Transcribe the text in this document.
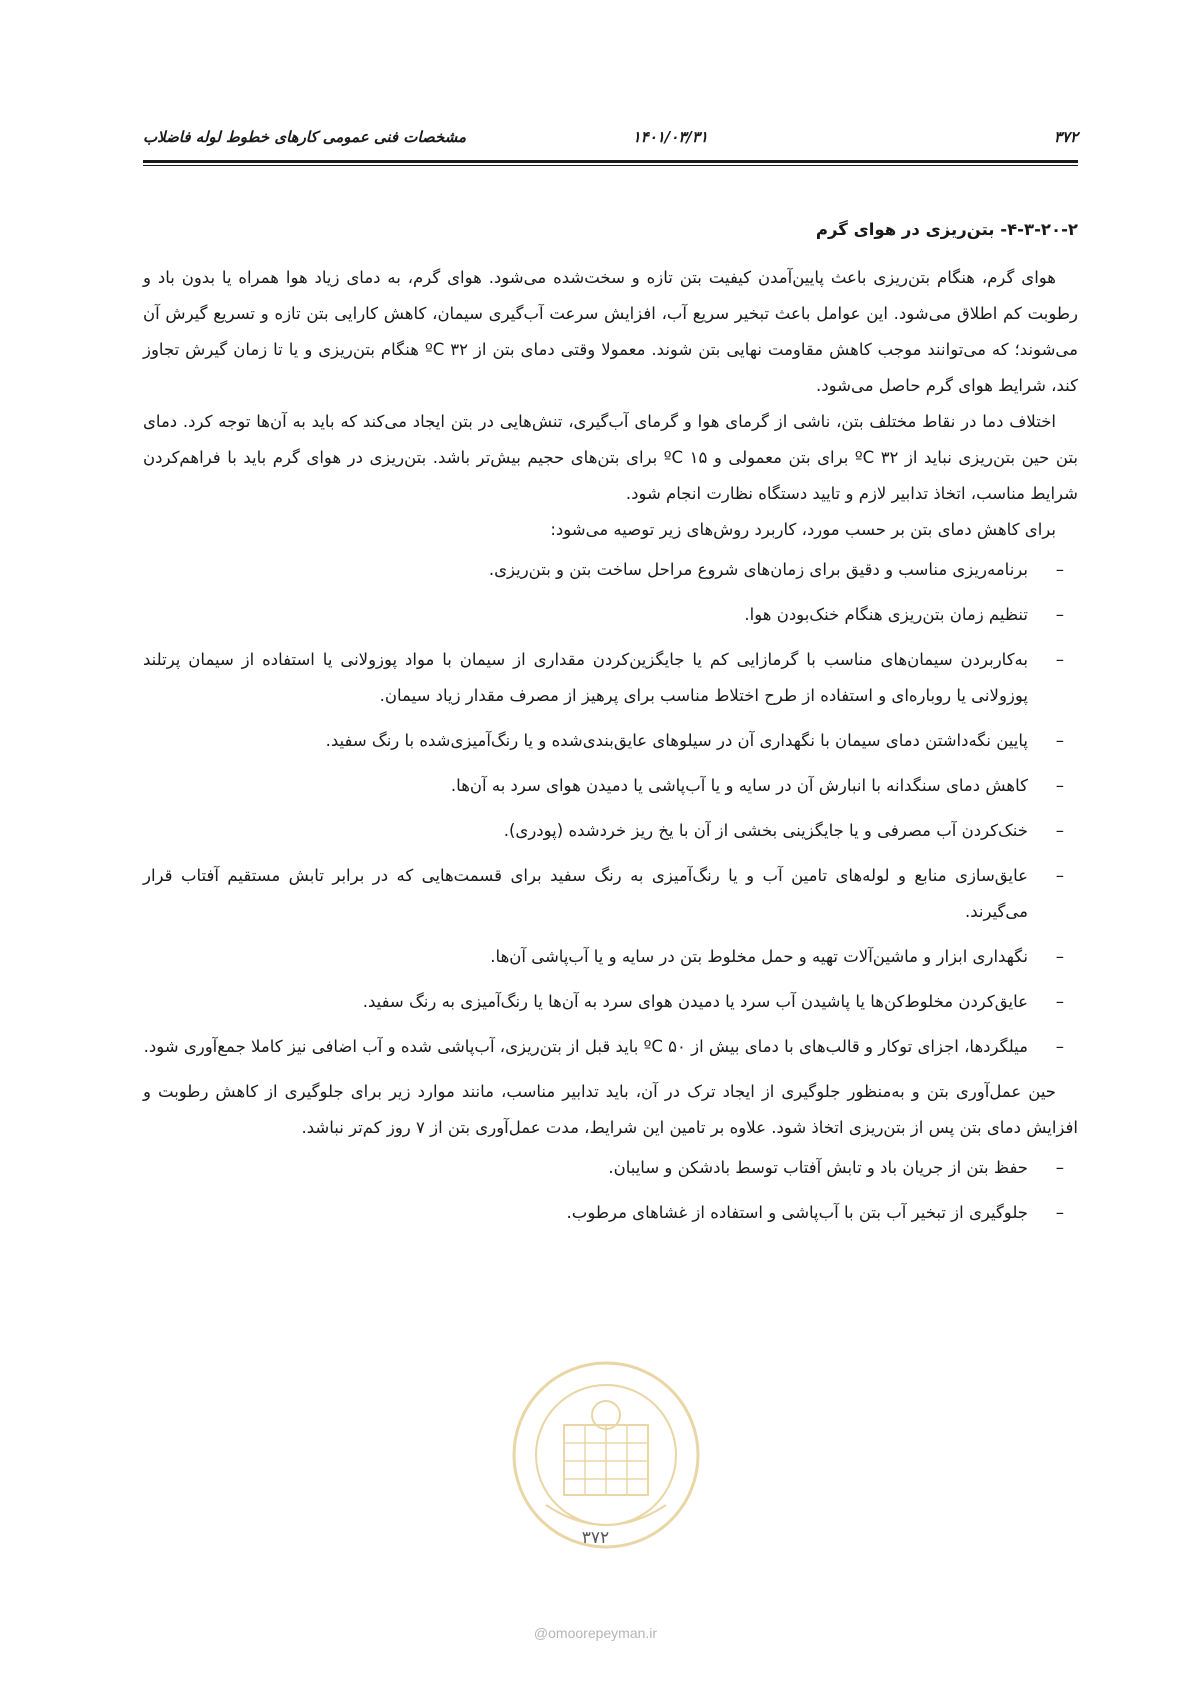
۳۷۲
۱۴۰۱/۰۳/۳۱
مشخصات فنی عمومی کارهای خطوط لوله فاضلاب

۴-۳-۲۰-۲- بتن‌ریزی در هوای گرم

هوای گرم، هنگام بتن‌ریزی باعث پایین‌آمدن کیفیت بتن تازه و سخت‌شده می‌شود. هوای گرم، به دمای زیاد هوا همراه یا بدون باد و رطوبت کم اطلاق می‌شود. این عوامل باعث تبخیر سریع آب، افزایش سرعت آب‌گیری سیمان، کاهش کارایی بتن تازه و تسریع گیرش آن می‌شوند؛ که می‌توانند موجب کاهش مقاومت نهایی بتن شوند. معمولا وقتی دمای بتن از ۳۲ ºC هنگام بتن‌ریزی و یا تا زمان گیرش تجاوز کند، شرایط هوای گرم حاصل می‌شود.

اختلاف دما در نقاط مختلف بتن، ناشی از گرمای هوا و گرمای آب‌گیری، تنش‌هایی در بتن ایجاد می‌کند که باید به آن‌ها توجه کرد. دمای بتن حین بتن‌ریزی نباید از ۳۲ ºC برای بتن معمولی و ۱۵ ºC برای بتن‌های حجیم بیش‌تر باشد. بتن‌ریزی در هوای گرم باید با فراهم‌کردن شرایط مناسب، اتخاذ تدابیر لازم و تایید دستگاه نظارت انجام شود.

برای کاهش دمای بتن بر حسب مورد، کاربرد روش‌های زیر توصیه می‌شود:

–
برنامه‌ریزی مناسب و دقیق برای زمان‌های شروع مراحل ساخت بتن و بتن‌ریزی.
–
تنظیم زمان بتن‌ریزی هنگام خنک‌بودن هوا.
–
به‌کاربردن سیمان‌های مناسب با گرمازایی کم یا جایگزین‌کردن مقداری از سیمان با مواد پوزولانی یا استفاده از سیمان پرتلند پوزولانی یا روباره‌ای و استفاده از طرح اختلاط مناسب برای پرهیز از مصرف مقدار زیاد سیمان.
–
پایین نگه‌داشتن دمای سیمان با نگهداری آن در سیلوهای عایق‌بندی‌شده و یا رنگ‌آمیزی‌شده با رنگ سفید.
–
کاهش دمای سنگدانه با انبارش آن در سایه و یا آب‌پاشی یا دمیدن هوای سرد به آن‌ها.
–
خنک‌کردن آب مصرفی و یا جایگزینی بخشی از آن با یخ ریز خردشده (پودری).
–
عایق‌سازی منابع و لوله‌های تامین آب و یا رنگ‌آمیزی به رنگ سفید برای قسمت‌هایی که در برابر تابش مستقیم آفتاب قرار می‌گیرند.
–
نگهداری ابزار و ماشین‌آلات تهیه و حمل مخلوط بتن در سایه و یا آب‌پاشی آن‌ها.
–
عایق‌کردن مخلوط‌کن‌ها یا پاشیدن آب سرد یا دمیدن هوای سرد به آن‌ها یا رنگ‌آمیزی به رنگ سفید.
–
میلگردها، اجزای توکار و قالب‌های با دمای بیش از ۵۰ ºC باید قبل از بتن‌ریزی، آب‌پاشی شده و آب اضافی نیز کاملا جمع‌آوری شود.

حین عمل‌آوری بتن و به‌منظور جلوگیری از ایجاد ترک در آن، باید تدابیر مناسب، مانند موارد زیر برای جلوگیری از کاهش رطوبت و افزایش دمای بتن پس از بتن‌ریزی اتخاذ شود. علاوه بر تامین این شرایط، مدت عمل‌آوری بتن از ۷ روز کم‌تر نباشد.

–
حفظ بتن از جریان باد و تابش آفتاب توسط بادشکن و سایبان.
–
جلوگیری از تبخیر آب بتن با آب‌پاشی و استفاده از غشاهای مرطوب.
۳۷۲
@omoorepeyman.ir
